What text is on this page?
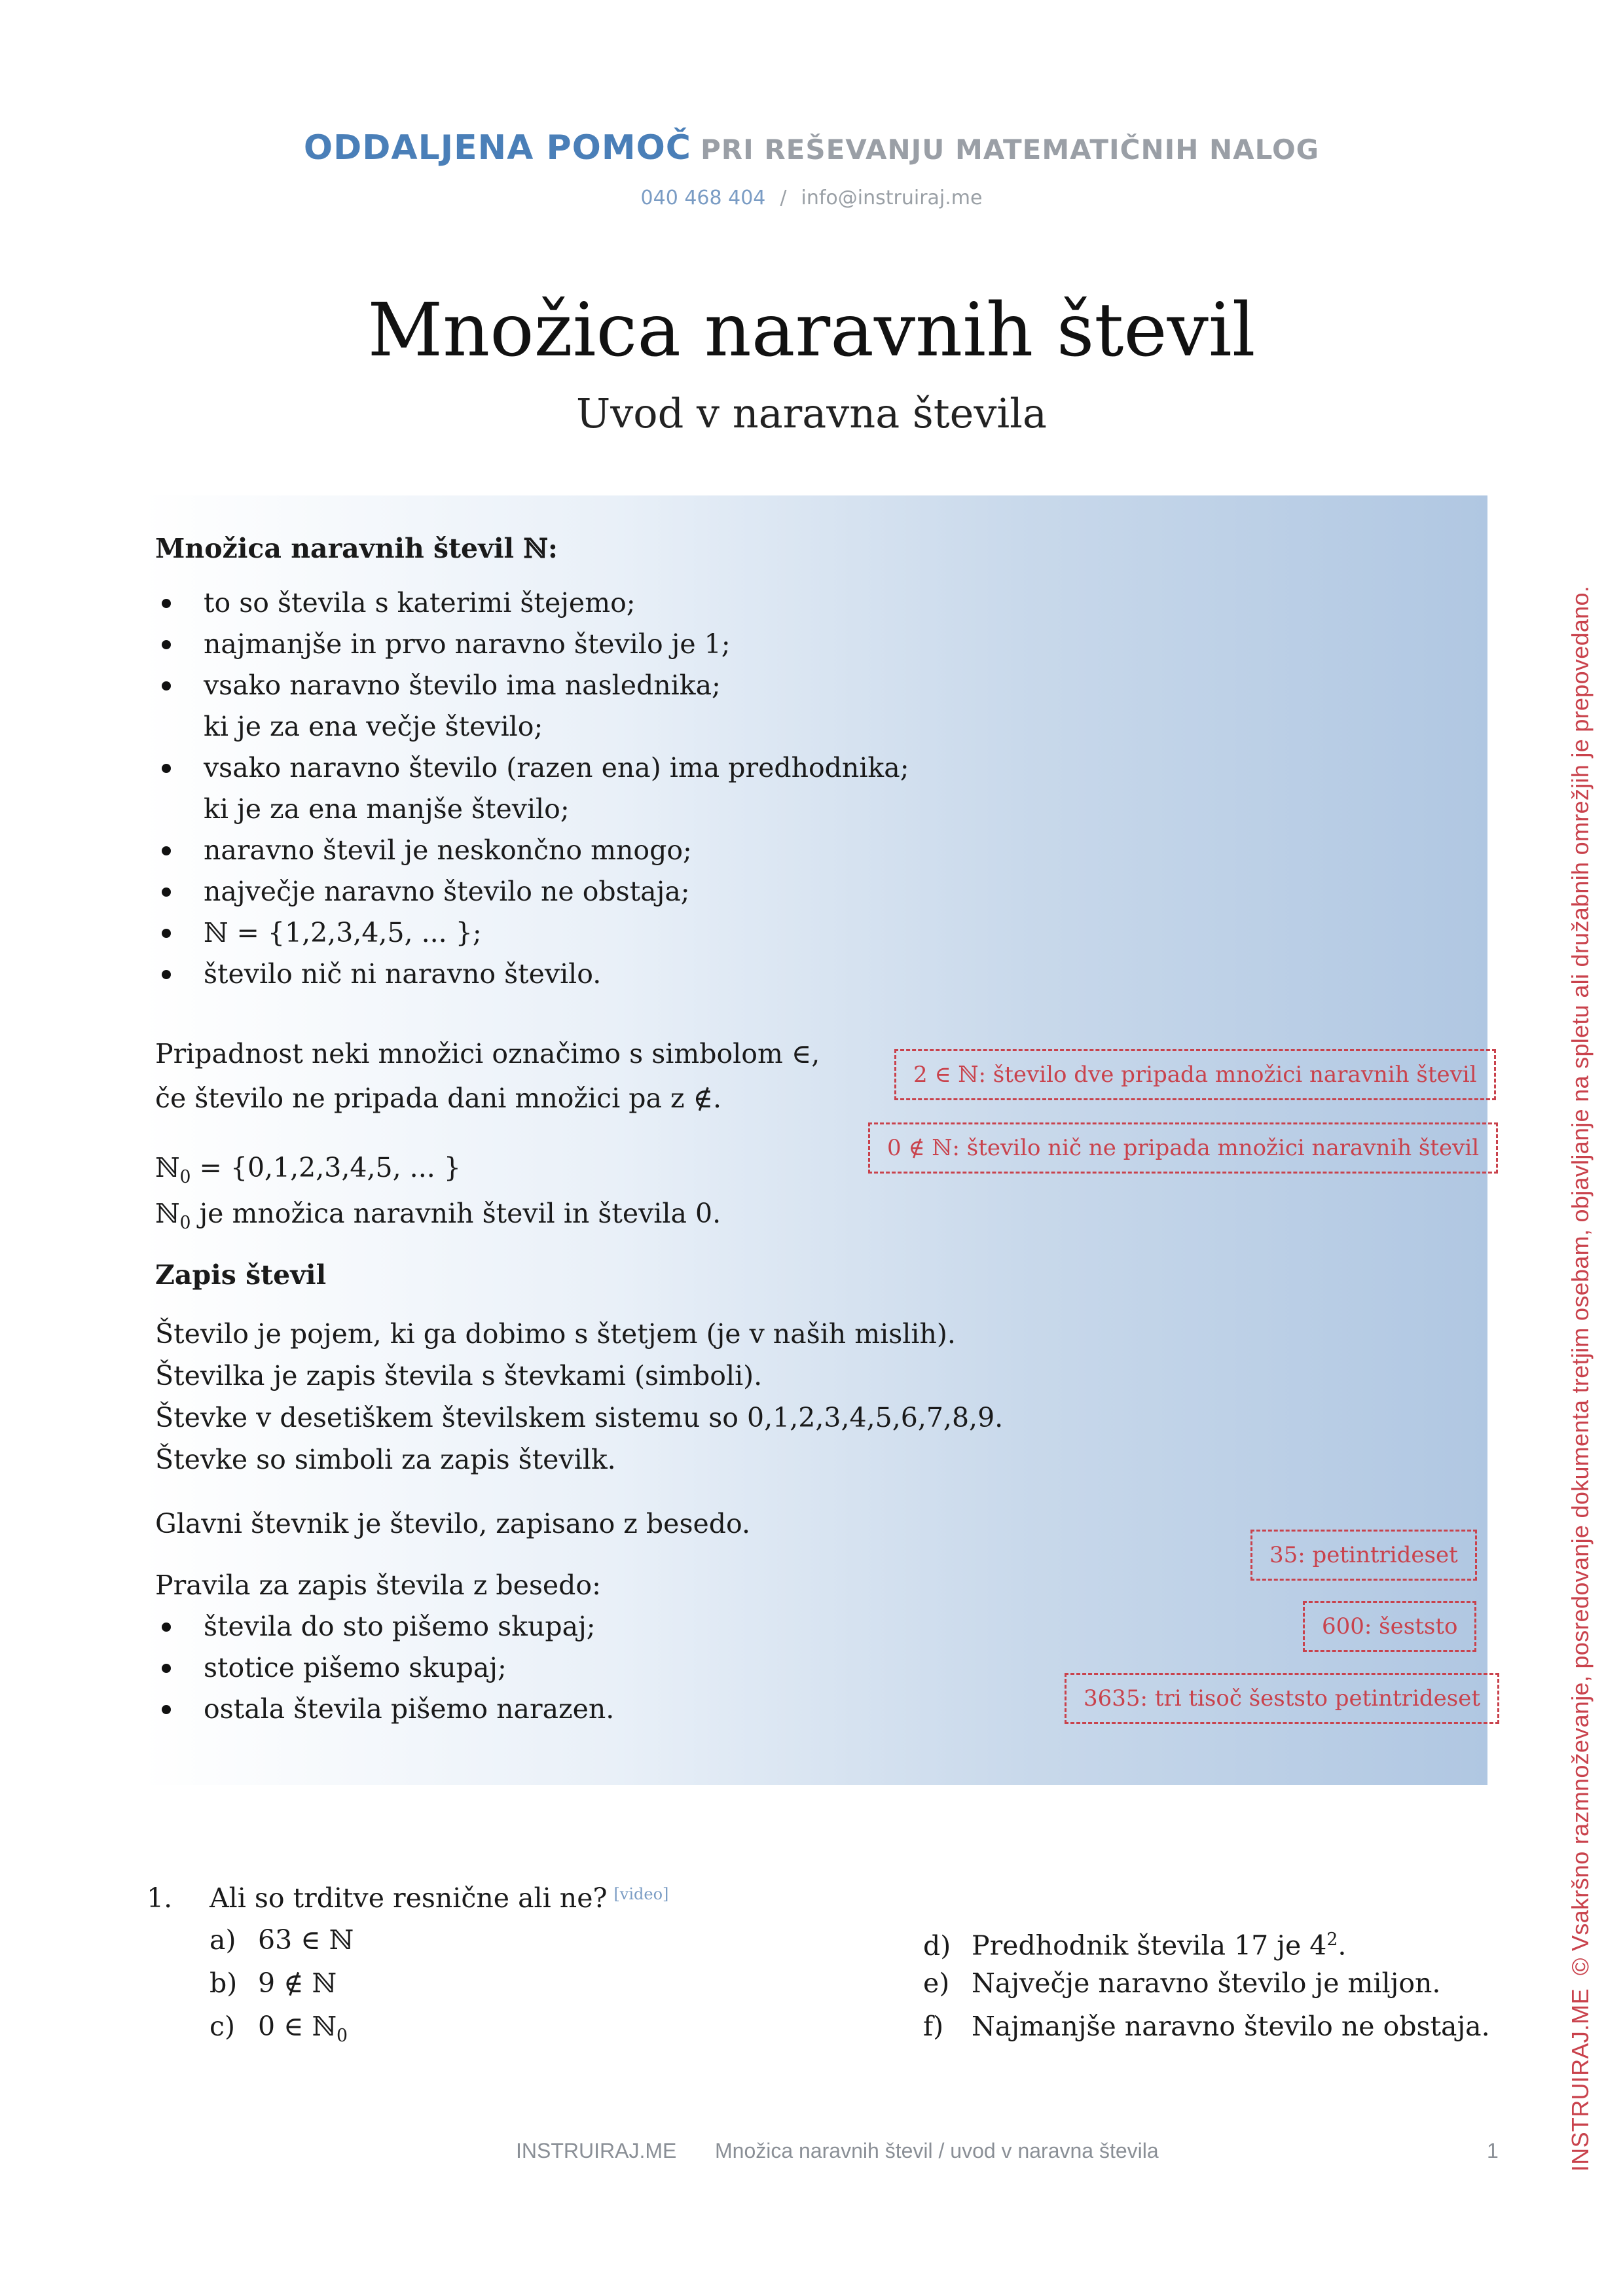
ODDALJENA POMOČ PRI REŠEVANJU MATEMATIČNIH NALOG
040 468 404 / info@instruiraj.me
Množica naravnih števil
Uvod v naravna števila
Množica naravnih števil ℕ:
to so števila s katerimi štejemo;
najmanjše in prvo naravno število je 1;
vsako naravno število ima naslednika;
ki je za ena večje število;
vsako naravno število (razen ena) ima predhodnika;
ki je za ena manjše število;
naravno števil je neskončno mnogo;
največje naravno število ne obstaja;
ℕ = {1,2,3,4,5, ... };
število nič ni naravno število.
Pripadnost neki množici označimo s simbolom ∈,
če število ne pripada dani množici pa z ∉.
2 ∈ ℕ: število dve pripada množici naravnih števil
0 ∉ ℕ: število nič ne pripada množici naravnih števil
ℕ$_0$ = {0,1,2,3,4,5, ... }
ℕ$_0$ je množica naravnih števil in števila 0.
Zapis števil
Število je pojem, ki ga dobimo s štetjem (je v naših mislih).
Številka je zapis števila s števkami (simboli).
Števke v desetiškem številskem sistemu so 0,1,2,3,4,5,6,7,8,9.
Števke so simboli za zapis številk.
Glavni števnik je število, zapisano z besedo.
Pravila za zapis števila z besedo:
števila do sto pišemo skupaj;
stotice pišemo skupaj;
ostala števila pišemo narazen.
35: petintrideset
600: šeststo
3635: tri tisoč šeststo petintrideset
1. Ali so trditve resnične ali ne? [video]
a) 63 ∈ ℕ
b) 9 ∉ ℕ
c) 0 ∈ ℕ$_0$
d) Predhodnik števila 17 je $4^2$.
e) Največje naravno število je miljon.
f) Najmanjše naravno število ne obstaja.	INSTRUIRAJ.ME© Vsakršno razmnoževanje, posredovanje dokumenta tretjim osebam, objavljanje na spletu ali družabnih omrežjih je prepovedano.
INSTRUIRAJ.ME Množica naravnih števil / uvod v naravna števila	1
